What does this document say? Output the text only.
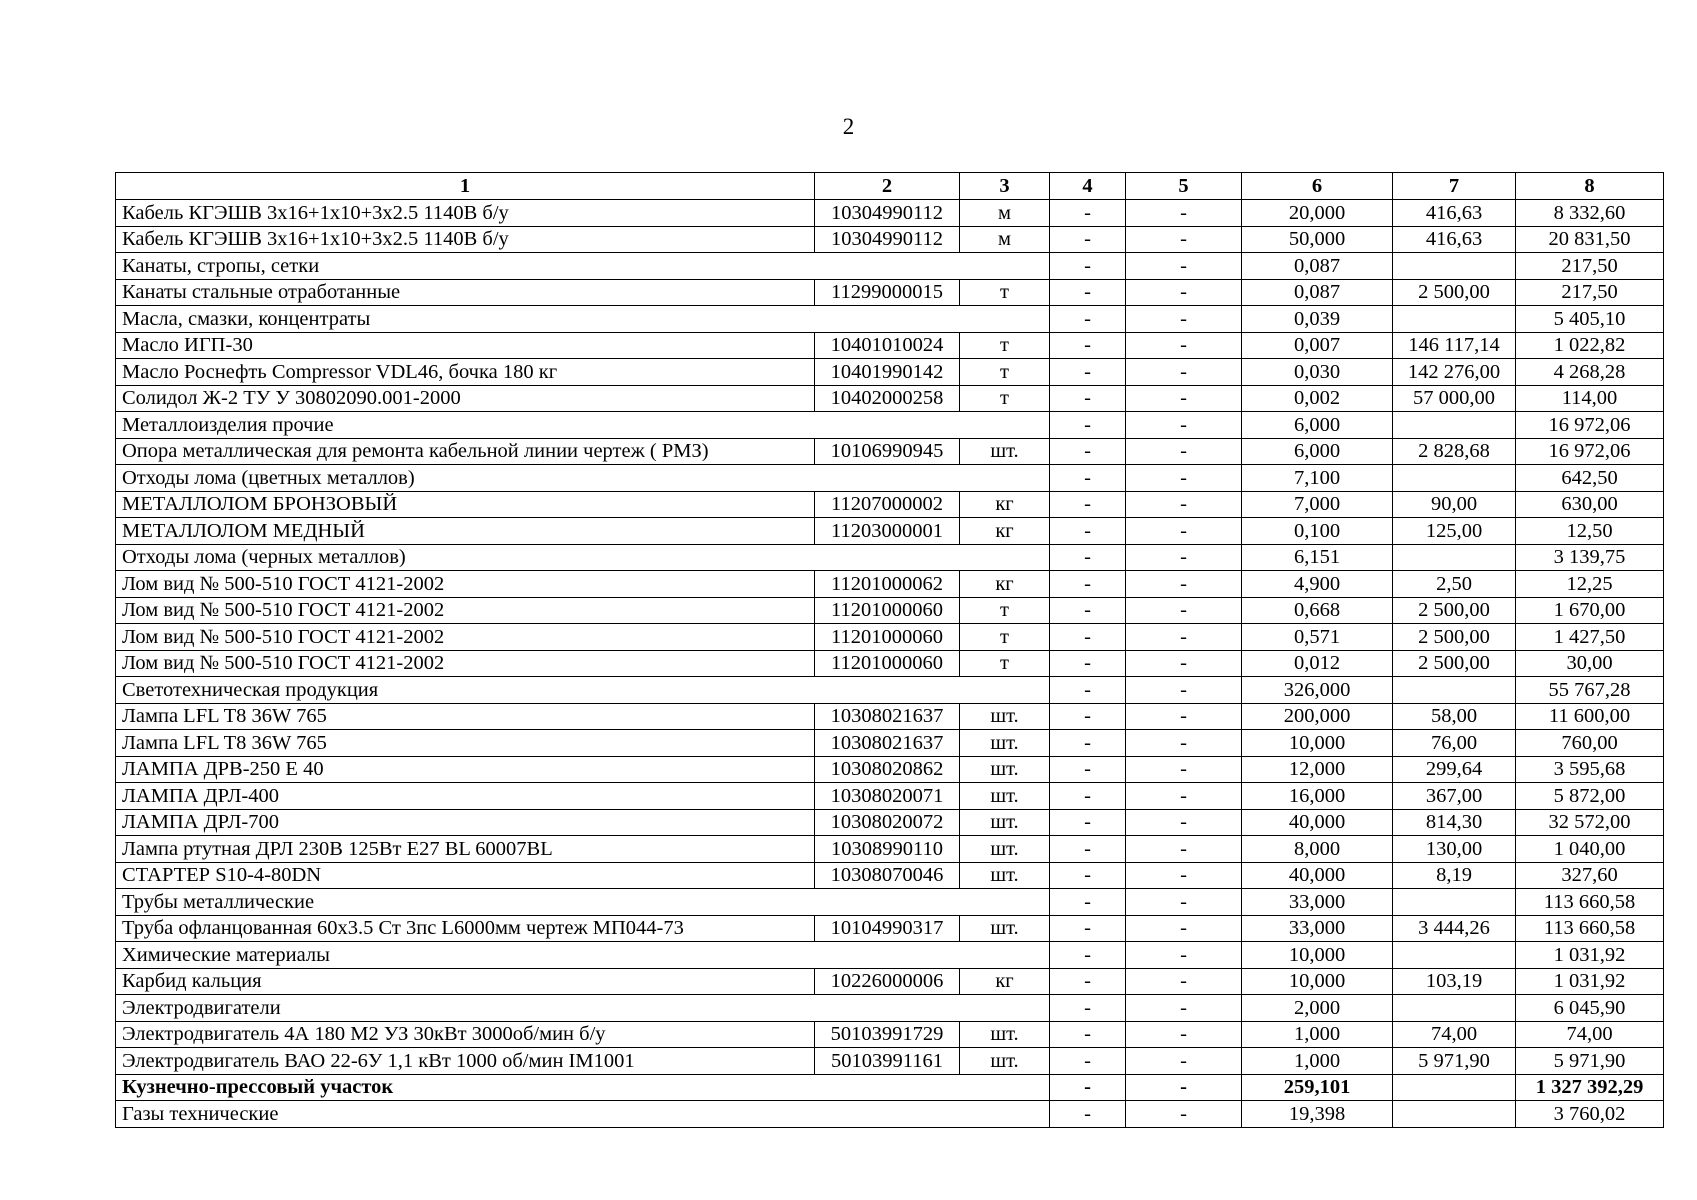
2
1	2	3	4	5	6	7	8
Кабель КГЭШВ 3х16+1х10+3х2.5 1140В б/у	10304990112	м	-	-	20,000	416,63	8 332,60
Кабель КГЭШВ 3х16+1х10+3х2.5 1140В б/у	10304990112	м	-	-	50,000	416,63	20 831,50
Канаты, стропы, сетки			-	-	0,087		217,50
Канаты стальные отработанные	11299000015	т	-	-	0,087	2 500,00	217,50
Масла, смазки, концентраты			-	-	0,039		5 405,10
Масло ИГП-30	10401010024	т	-	-	0,007	146 117,14	1 022,82
Масло Роснефть Compressor VDL46, бочка 180 кг	10401990142	т	-	-	0,030	142 276,00	4 268,28
Солидол Ж-2 ТУ У 30802090.001-2000	10402000258	т	-	-	0,002	57 000,00	114,00
Металлоизделия прочие			-	-	6,000		16 972,06
Опора металлическая для ремонта кабельной линии чертеж ( РМЗ)	10106990945	шт.	-	-	6,000	2 828,68	16 972,06
Отходы лома (цветных металлов)			-	-	7,100		642,50
МЕТАЛЛОЛОМ БРОНЗОВЫЙ	11207000002	кг	-	-	7,000	90,00	630,00
МЕТАЛЛОЛОМ МЕДНЫЙ	11203000001	кг	-	-	0,100	125,00	12,50
Отходы лома (черных металлов)			-	-	6,151		3 139,75
Лом вид № 500-510 ГОСТ 4121-2002	11201000062	кг	-	-	4,900	2,50	12,25
Лом вид № 500-510 ГОСТ 4121-2002	11201000060	т	-	-	0,668	2 500,00	1 670,00
Лом вид № 500-510 ГОСТ 4121-2002	11201000060	т	-	-	0,571	2 500,00	1 427,50
Лом вид № 500-510 ГОСТ 4121-2002	11201000060	т	-	-	0,012	2 500,00	30,00
Светотехническая продукция			-	-	326,000		55 767,28
Лампа LFL T8 36W 765	10308021637	шт.	-	-	200,000	58,00	11 600,00
Лампа LFL T8 36W 765	10308021637	шт.	-	-	10,000	76,00	760,00
ЛАМПА ДРВ-250 Е 40	10308020862	шт.	-	-	12,000	299,64	3 595,68
ЛАМПА ДРЛ-400	10308020071	шт.	-	-	16,000	367,00	5 872,00
ЛАМПА ДРЛ-700	10308020072	шт.	-	-	40,000	814,30	32 572,00
Лампа ртутная ДРЛ 230В 125Вт Е27 BL 60007BL	10308990110	шт.	-	-	8,000	130,00	1 040,00
СТАРТЕР S10-4-80DN	10308070046	шт.	-	-	40,000	8,19	327,60
Трубы металлические			-	-	33,000		113 660,58
Труба офланцованная 60х3.5 Ст 3пс L6000мм чертеж МП044-73	10104990317	шт.	-	-	33,000	3 444,26	113 660,58
Химические материалы			-	-	10,000		1 031,92
Карбид кальция	10226000006	кг	-	-	10,000	103,19	1 031,92
Электродвигатели			-	-	2,000		6 045,90
Электродвигатель 4А 180 М2 УЗ 30кВт 3000об/мин б/у	50103991729	шт.	-	-	1,000	74,00	74,00
Электродвигатель ВАО 22-6У 1,1 кВт 1000 об/мин IM1001	50103991161	шт.	-	-	1,000	5 971,90	5 971,90
Кузнечно-прессовый участок			-	-	259,101		1 327 392,29
Газы технические			-	-	19,398		3 760,02
